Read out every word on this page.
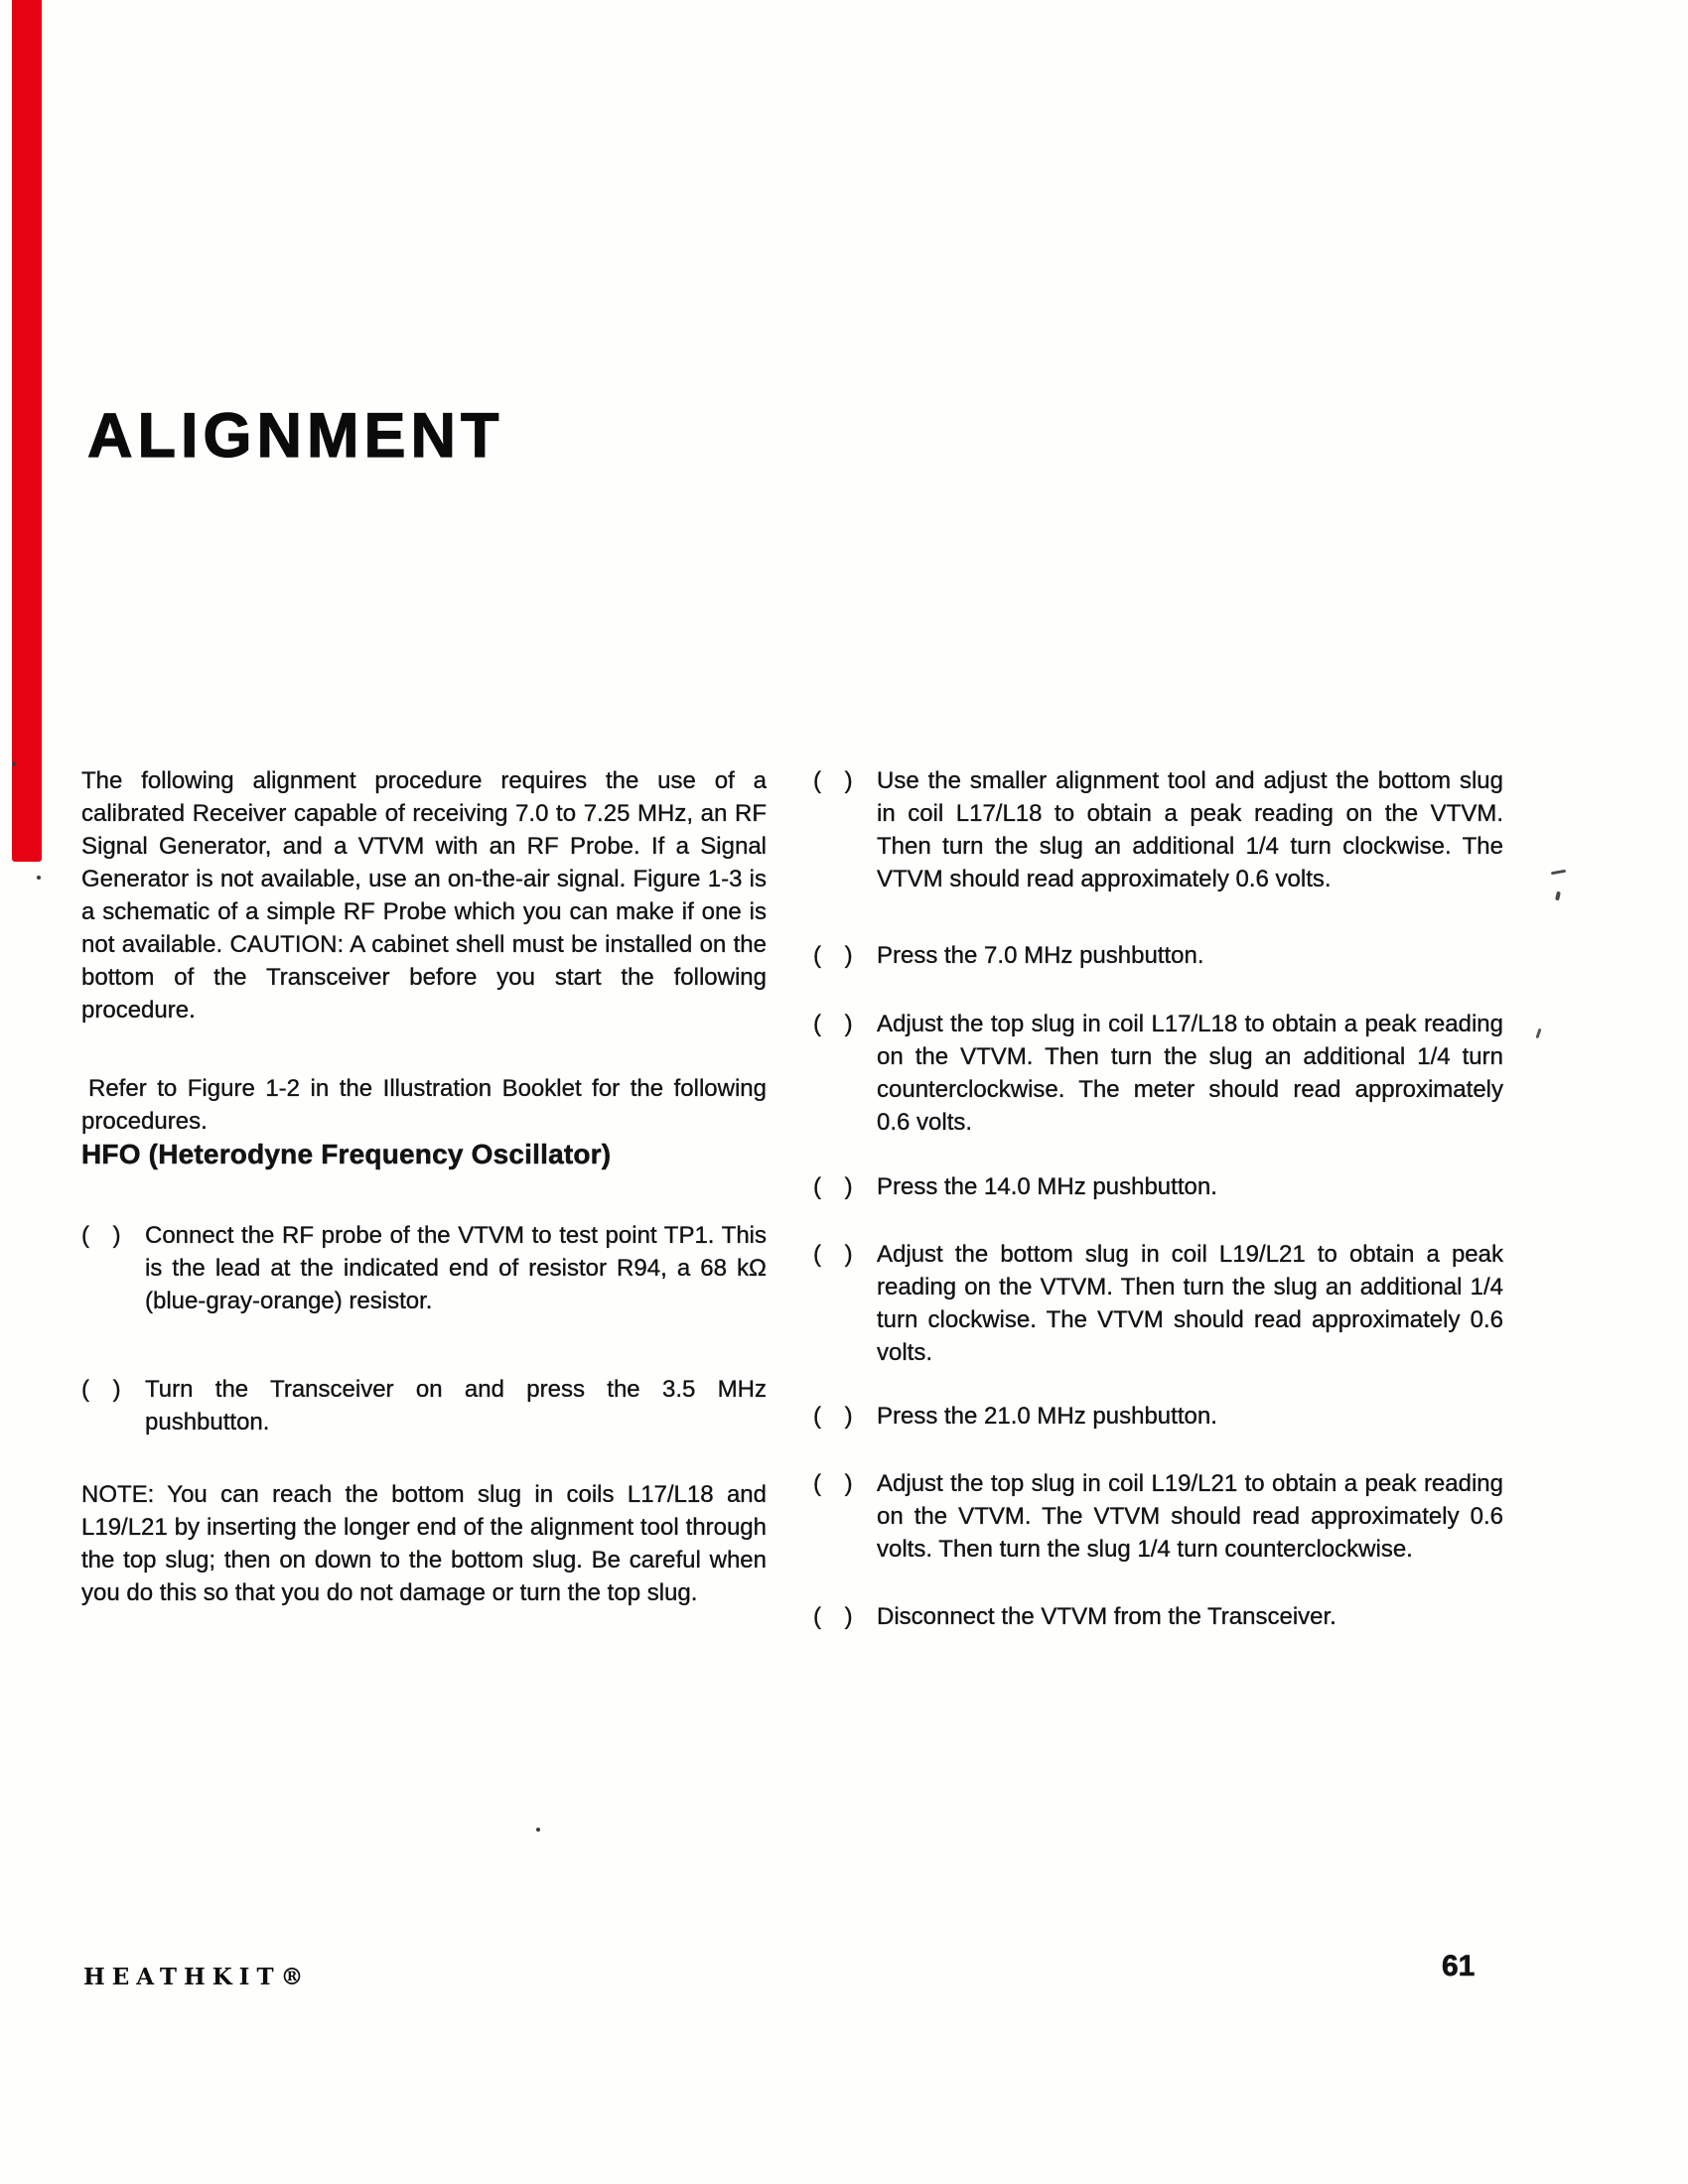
ALIGNMENT

The following alignment procedure requires the use of a calibrated Receiver capable of receiving 7.0 to 7.25 MHz, an RF Signal Generator, and a VTVM with an RF Probe. If a Signal Generator is not available, use an on-the-air signal. Figure 1-3 is a schematic of a simple RF Probe which you can make if one is not available. CAUTION: A cabinet shell must be installed on the bottom of the Transceiver before you start the following procedure.

Refer to Figure 1-2 in the Illustration Booklet for the following procedures.

HFO (Heterodyne Frequency Oscillator)

( ) Connect the RF probe of the VTVM to test point TP1. This is the lead at the indicated end of resistor R94, a 68 kΩ (blue-gray-orange) resistor.
( ) Turn the Transceiver on and press the 3.5 MHz pushbutton.

NOTE: You can reach the bottom slug in coils L17/L18 and L19/L21 by inserting the longer end of the alignment tool through the top slug; then on down to the bottom slug. Be careful when you do this so that you do not damage or turn the top slug.

( ) Use the smaller alignment tool and adjust the bottom slug in coil L17/L18 to obtain a peak reading on the VTVM. Then turn the slug an additional 1/4 turn clockwise. The VTVM should read approximately 0.6 volts.
( ) Press the 7.0 MHz pushbutton.
( ) Adjust the top slug in coil L17/L18 to obtain a peak reading on the VTVM. Then turn the slug an additional 1/4 turn counterclockwise. The meter should read approximately 0.6 volts.
( ) Press the 14.0 MHz pushbutton.
( ) Adjust the bottom slug in coil L19/L21 to obtain a peak reading on the VTVM. Then turn the slug an additional 1/4 turn clockwise. The VTVM should read approximately 0.6 volts.
( ) Press the 21.0 MHz pushbutton.
( ) Adjust the top slug in coil L19/L21 to obtain a peak reading on the VTVM. The VTVM should read approximately 0.6 volts. Then turn the slug 1/4 turn counterclockwise.
( ) Disconnect the VTVM from the Transceiver.
HEATHKIT®	61
